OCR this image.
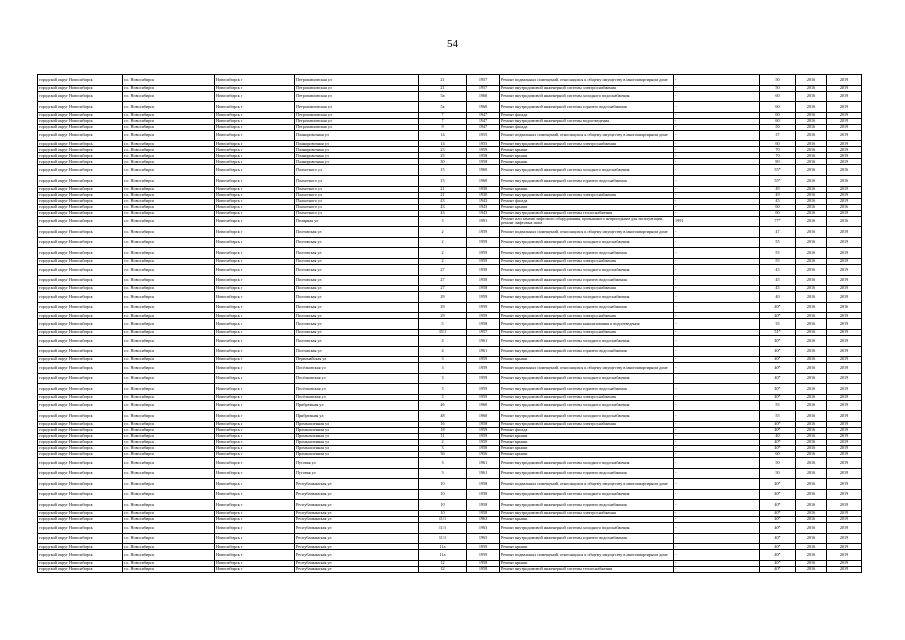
54
городской округ Новосибирск	г.о. Новосибирск	Новосибирск г	Петропавловская ул	21	1957	Ремонт подвальных помещений, относящихся к общему имуществу в многоквартирном доме	-	50	2016	2019
городской округ Новосибирск	г.о. Новосибирск	Новосибирск г	Петропавловская ул	21	1957	Ремонт внутридомовой инженерной системы электроснабжения	-	50	2016	2019
городской округ Новосибирск	г.о. Новосибирск	Новосибирск г	Петропавловская ул	5а	1960	Ремонт внутридомовой инженерной системы холодного водоснабжения	-	60	2016	2019
городской округ Новосибирск	г.о. Новосибирск	Новосибирск г	Петропавловская ул	5а	1960	Ремонт внутридомовой инженерной системы горячего водоснабжения	-	60	2016	2019
городской округ Новосибирск	г.о. Новосибирск	Новосибирск г	Петропавловская ул	7	1947	Ремонт фасада	-	60	2016	2019
городской округ Новосибирск	г.о. Новосибирск	Новосибирск г	Петропавловская ул	7	1947	Ремонт внутридомовой инженерной системы водоотведения	-	60	2016	2019
городской округ Новосибирск	г.о. Новосибирск	Новосибирск г	Петропавловская ул	9	1947	Ремонт фасада	-	50	2016	2019
городской округ Новосибирск	г.о. Новосибирск	Новосибирск г	Планировочная ул	14	1955	Ремонт подвальных помещений, относящихся к общему имуществу в многоквартирном доме	-	37	2016	2019
городской округ Новосибирск	г.о. Новосибирск	Новосибирск г	Планировочная ул	14	1955	Ремонт внутридомовой инженерной системы электроснабжения	-	60	2016	2019
городской округ Новосибирск	г.о. Новосибирск	Новосибирск г	Планировочная ул	23	1959	Ремонт крыши	-	70	2016	2019
городской округ Новосибирск	г.о. Новосибирск	Новосибирск г	Планировочная ул	25	1958	Ремонт крыши	-	70	2016	2019
городской округ Новосибирск	г.о. Новосибирск	Новосибирск г	Планировочная ул	30	1958	Ремонт крыши	-	80	2016	2019
городской округ Новосибирск	г.о. Новосибирск	Новосибирск г	Плахотного ул	15	1960	Ремонт внутридомовой инженерной системы холодного водоснабжения	-	55*	2016	2016
городской округ Новосибирск	г.о. Новосибирск	Новосибирск г	Плахотного ул	15	1960	Ремонт внутридомовой инженерной системы горячего водоснабжения	-	55*	2016	2016
городской округ Новосибирск	г.о. Новосибирск	Новосибирск г	Плахотного ул	21	1930	Ремонт крыши	-	49	2016	2019
городской округ Новосибирск	г.о. Новосибирск	Новосибирск г	Плахотного ул	21	1930	Ремонт внутридомовой инженерной системы электроснабжения	-	49	2016	2019
городской округ Новосибирск	г.о. Новосибирск	Новосибирск г	Плахотного ул	43	1943	Ремонт фасада	-	45	2016	2019
городской округ Новосибирск	г.о. Новосибирск	Новосибирск г	Плахотного ул	43	1943	Ремонт крыши	-	60	2016	2016
городской округ Новосибирск	г.о. Новосибирск	Новосибирск г	Плахотного ул	43	1943	Ремонт внутридомовой инженерной системы теплоснабжения	-	60	2016	2019
городской округ Новосибирск	г.о. Новосибирск	Новосибирск г	Полярная ул	3	1991	Ремонт или замена лифтового оборудования, признанного непригодным для эксплуатации, ремонт лифтовых шахт	1991	77*	2016	2016
городской округ Новосибирск	г.о. Новосибирск	Новосибирск г	Полтавская ул	2	1959	Ремонт подвальных помещений, относящихся к общему имуществу в многоквартирном доме	-	47	2016	2019
городской округ Новосибирск	г.о. Новосибирск	Новосибирск г	Полтавская ул	2	1959	Ремонт внутридомовой инженерной системы холодного водоснабжения	-	55	2016	2019
городской округ Новосибирск	г.о. Новосибирск	Новосибирск г	Полтавская ул	2	1959	Ремонт внутридомовой инженерной системы горячего водоснабжения	-	55	2016	2019
городской округ Новосибирск	г.о. Новосибирск	Новосибирск г	Полтавская ул	2	1959	Ремонт внутридомовой инженерной системы электроснабжения	-	55	2016	2019
городской округ Новосибирск	г.о. Новосибирск	Новосибирск г	Полтавская ул	27	1958	Ремонт внутридомовой инженерной системы холодного водоснабжения	-	45	2016	2019
городской округ Новосибирск	г.о. Новосибирск	Новосибирск г	Полтавская ул	27	1958	Ремонт внутридомовой инженерной системы горячего водоснабжения	-	45	2016	2019
городской округ Новосибирск	г.о. Новосибирск	Новосибирск г	Полтавская ул	27	1958	Ремонт внутридомовой инженерной системы электроснабжения	-	45	2016	2019
городской округ Новосибирск	г.о. Новосибирск	Новосибирск г	Полтавская ул	29	1959	Ремонт внутридомовой инженерной системы холодного водоснабжения	-	40	2016	2019
городской округ Новосибирск	г.о. Новосибирск	Новосибирск г	Полтавская ул	29	1959	Ремонт внутридомовой инженерной системы горячего водоснабжения	-	40*	2016	2016
городской округ Новосибирск	г.о. Новосибирск	Новосибирск г	Полтавская ул	29	1959	Ремонт внутридомовой инженерной системы электроснабжения	-	40*	2016	2019
городской округ Новосибирск	г.о. Новосибирск	Новосибирск г	Полтавская ул	5	1958	Ремонт внутридомовой инженерной системы канализования и водоотведения	-	35	2016	2019
городской округ Новосибирск	г.о. Новосибирск	Новосибирск г	Полтавская ул	35/1	1957	Ремонт внутридомовой инженерной системы электроснабжения	-	51*	2016	2019
городской округ Новосибирск	г.о. Новосибирск	Новосибирск г	Полтавская ул	4	1961	Ремонт внутридомовой инженерной системы холодного водоснабжения	-	40*	2016	2019
городской округ Новосибирск	г.о. Новосибирск	Новосибирск г	Полтавская ул	4	1961	Ремонт внутридомовой инженерной системы горячего водоснабжения	-	40*	2016	2019
городской округ Новосибирск	г.о. Новосибирск	Новосибирск г	Первомайская ул	3	1959	Ремонт крыши	-	40*	2016	2019
городской округ Новосибирск	г.о. Новосибирск	Новосибирск г	Посёлковская ул	3	1959	Ремонт подвальных помещений, относящихся к общему имуществу в многоквартирном доме	-	40*	2016	2019
городской округ Новосибирск	г.о. Новосибирск	Новосибирск г	Посёлковская ул	3	1959	Ремонт внутридомовой инженерной системы холодного водоснабжения	-	40*	2016	2019
городской округ Новосибирск	г.о. Новосибирск	Новосибирск г	Посёлковская ул	3	1959	Ремонт внутридомовой инженерной системы горячего водоснабжения	-	40*	2016	2019
городской округ Новосибирск	г.о. Новосибирск	Новосибирск г	Посёлковская ул	3	1959	Ремонт внутридомовой инженерной системы электроснабжения	-	40*	2016	2019
городской округ Новосибирск	г.о. Новосибирск	Новосибирск г	Прибрежная ул	46	1960	Ремонт внутридомовой инженерной системы холодного водоснабжения	-	55	2016	2019
городской округ Новосибирск	г.о. Новосибирск	Новосибирск г	Прибрежная ул	48	1960	Ремонт внутридомовой инженерной системы холодного водоснабжения	-	55	2016	2019
городской округ Новосибирск	г.о. Новосибирск	Новосибирск г	Промышленная ул	16	1958	Ремонт внутридомовой инженерной системы электроснабжения	-	40*	2016	2019
городской округ Новосибирск	г.о. Новосибирск	Новосибирск г	Промышленная ул	18	1959	Ремонт фасада	-	40*	2016	2019
городской округ Новосибирск	г.о. Новосибирск	Новосибирск г	Промышленная ул	11	1959	Ремонт крыши	-	40	2016	2019
городской округ Новосибирск	г.о. Новосибирск	Новосибирск г	Промышленная ул	2	1959	Ремонт крыши	-	40*	2016	2019
городской округ Новосибирск	г.о. Новосибирск	Новосибирск г	Промышленная ул	3	1958	Ремонт крыши	-	40*	2016	2019
городской округ Новосибирск	г.о. Новосибирск	Новосибирск г	Промышленная ул	36	1956	Ремонт крыши	-	60	2016	2019
городской округ Новосибирск	г.о. Новосибирск	Новосибирск г	Пуговая ул	3	1961	Ремонт внутридомовой инженерной системы холодного водоснабжения	-	50	2016	2019
городской округ Новосибирск	г.о. Новосибирск	Новосибирск г	Пуговая ул	3	1961	Ремонт внутридомовой инженерной системы горячего водоснабжения	-	50	2016	2019
городской округ Новосибирск	г.о. Новосибирск	Новосибирск г	Республиканская ул	10	1958	Ремонт подвальных помещений, относящихся к общему имуществу в многоквартирном доме	-	40*	2016	2019
городской округ Новосибирск	г.о. Новосибирск	Новосибирск г	Республиканская ул	10	1958	Ремонт внутридомовой инженерной системы холодного водоснабжения	-	40*	2016	2019
городской округ Новосибирск	г.о. Новосибирск	Новосибирск г	Республиканская ул	10	1958	Ремонт внутридомовой инженерной системы горячего водоснабжения	-	40*	2016	2019
городской округ Новосибирск	г.о. Новосибирск	Новосибирск г	Республиканская ул	10	1958	Ремонт внутридомовой инженерной системы электроснабжения	-	40*	2016	2019
городской округ Новосибирск	г.о. Новосибирск	Новосибирск г	Республиканская ул	11/1	1963	Ремонт крыши	-	40*	2016	2019
городской округ Новосибирск	г.о. Новосибирск	Новосибирск г	Республиканская ул	11/1	1963	Ремонт внутридомовой инженерной системы холодного водоснабжения	-	40*	2016	2019
городской округ Новосибирск	г.о. Новосибирск	Новосибирск г	Республиканская ул	11/1	1963	Ремонт внутридомовой инженерной системы горячего водоснабжения	-	40*	2016	2019
городской округ Новосибирск	г.о. Новосибирск	Новосибирск г	Республиканская ул	11а	1959	Ремонт крыши	-	40*	2016	2019
городской округ Новосибирск	г.о. Новосибирск	Новосибирск г	Республиканская ул	11а	1959	Ремонт подвальных помещений, относящихся к общему имуществу в многоквартирном доме	-	40*	2016	2019
городской округ Новосибирск	г.о. Новосибирск	Новосибирск г	Республиканская ул	12	1958	Ремонт крыши	-	40*	2016	2019
городской округ Новосибирск	г.о. Новосибирск	Новосибирск г	Республиканская ул	12	1958	Ремонт внутридомовой инженерной системы теплоснабжения	-	40*	2016	2019
